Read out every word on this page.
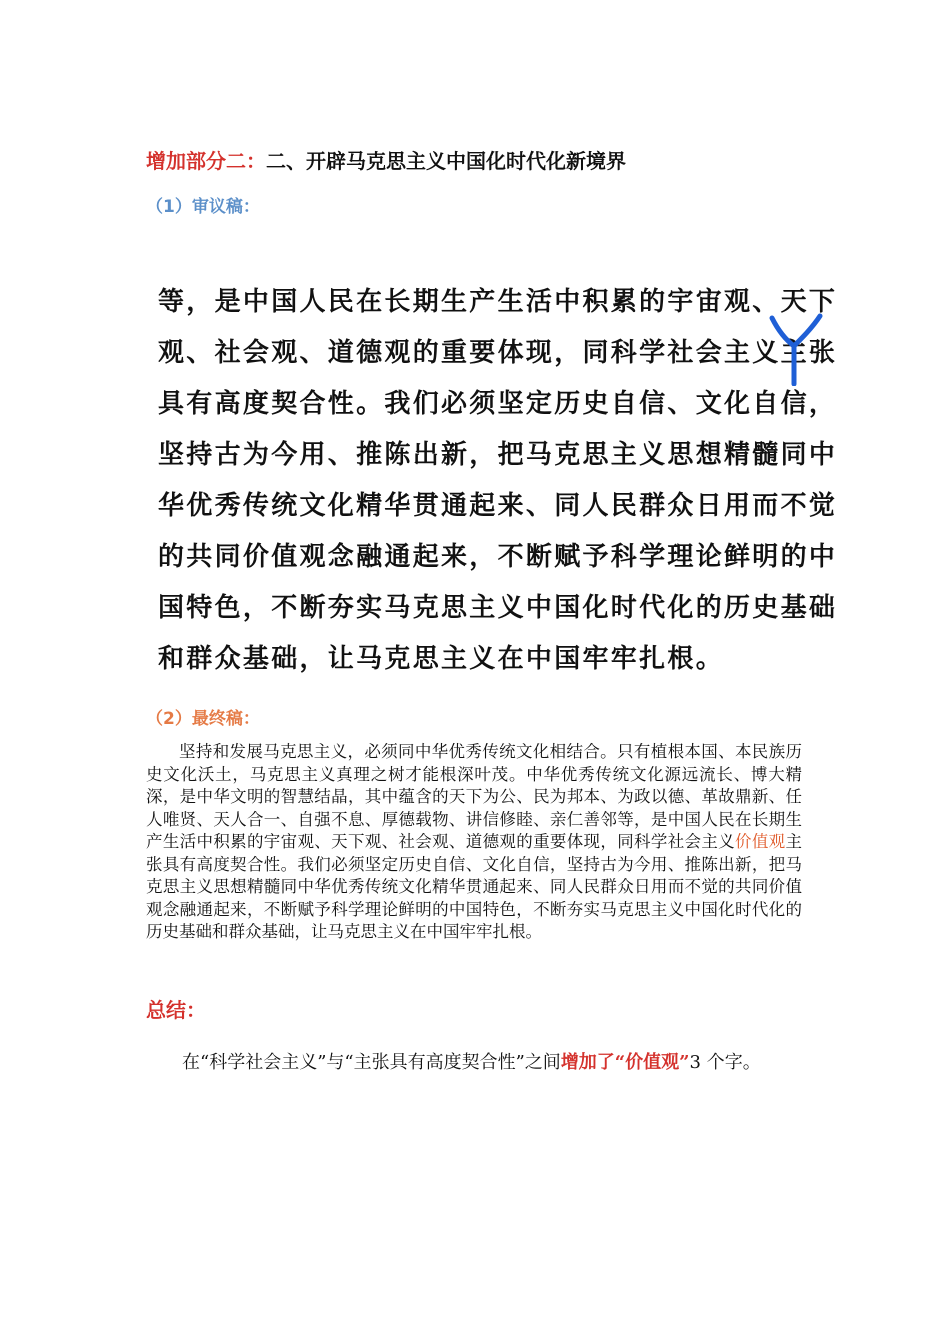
增加部分二：二、开辟马克思主义中国化时代化新境界
（1）审议稿：
等，是中国人民在长期生产生活中积累的宇宙观、天下
观、社会观、道德观的重要体现，同科学社会主义主张
具有高度契合性。我们必须坚定历史自信、文化自信，
坚持古为今用、推陈出新，把马克思主义思想精髓同中
华优秀传统文化精华贯通起来、同人民群众日用而不觉
的共同价值观念融通起来，不断赋予科学理论鲜明的中
国特色，不断夯实马克思主义中国化时代化的历史基础
和群众基础，让马克思主义在中国牢牢扎根。
（2）最终稿：

坚持和发展马克思主义，必须同中华优秀传统文化相结合。只有植根本国、本民族历史文化沃土，马克思主义真理之树才能根深叶茂。中华优秀传统文化源远流长、博大精深，是中华文明的智慧结晶，其中蕴含的天下为公、民为邦本、为政以德、革故鼎新、任人唯贤、天人合一、自强不息、厚德载物、讲信修睦、亲仁善邻等，是中国人民在长期生产生活中积累的宇宙观、天下观、社会观、道德观的重要体现，同科学社会主义价值观主张具有高度契合性。我们必须坚定历史自信、文化自信，坚持古为今用、推陈出新，把马克思主义思想精髓同中华优秀传统文化精华贯通起来、同人民群众日用而不觉的共同价值观念融通起来，不断赋予科学理论鲜明的中国特色，不断夯实马克思主义中国化时代化的历史基础和群众基础，让马克思主义在中国牢牢扎根。

总结：

在“科学社会主义”与“主张具有高度契合性”之间增加了“价值观”3 个字。
